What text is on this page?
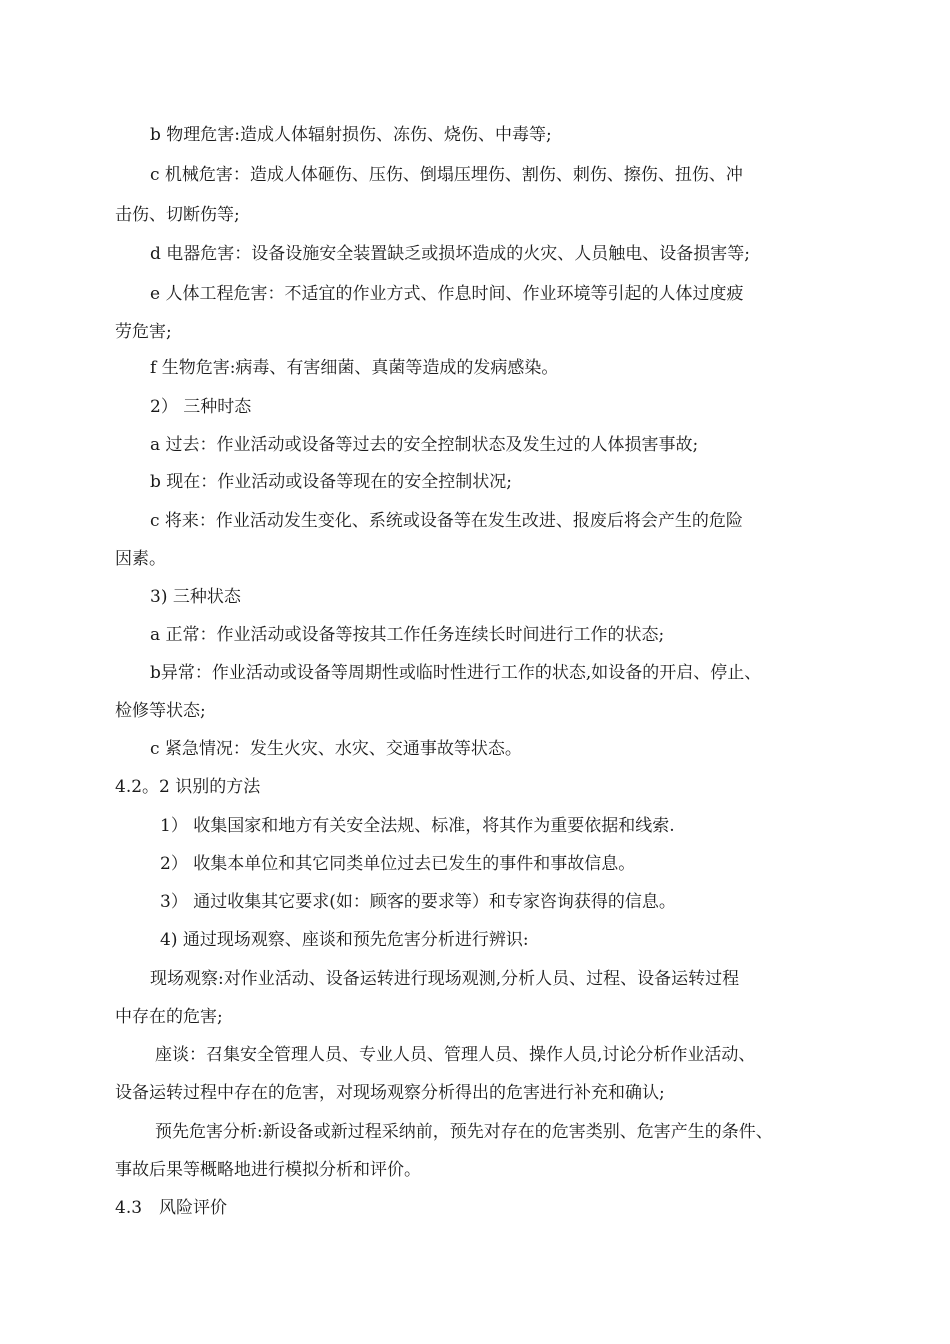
b 物理危害:造成人体辐射损伤、冻伤、烧伤、中毒等;
c 机械危害：造成人体砸伤、压伤、倒塌压埋伤、割伤、刺伤、擦伤、扭伤、冲
击伤、切断伤等;
d 电器危害：设备设施安全装置缺乏或损坏造成的火灾、人员触电、设备损害等;
e 人体工程危害：不适宜的作业方式、作息时间、作业环境等引起的人体过度疲
劳危害;
f 生物危害:病毒、有害细菌、真菌等造成的发病感染。
2） 三种时态
a 过去：作业活动或设备等过去的安全控制状态及发生过的人体损害事故;
b 现在：作业活动或设备等现在的安全控制状况;
c 将来：作业活动发生变化、系统或设备等在发生改进、报废后将会产生的危险
因素。
3) 三种状态
a 正常：作业活动或设备等按其工作任务连续长时间进行工作的状态;
b异常：作业活动或设备等周期性或临时性进行工作的状态,如设备的开启、停止、
检修等状态;
c 紧急情况：发生火灾、水灾、交通事故等状态。
4.2。2 识别的方法
1） 收集国家和地方有关安全法规、标准，将其作为重要依据和线索.
2） 收集本单位和其它同类单位过去已发生的事件和事故信息。
3） 通过收集其它要求(如：顾客的要求等）和专家咨询获得的信息。
4) 通过现场观察、座谈和预先危害分析进行辨识:
现场观察:对作业活动、设备运转进行现场观测,分析人员、过程、设备运转过程
中存在的危害;
座谈：召集安全管理人员、专业人员、管理人员、操作人员,讨论分析作业活动、
设备运转过程中存在的危害，对现场观察分析得出的危害进行补充和确认;
预先危害分析:新设备或新过程采纳前，预先对存在的危害类别、危害产生的条件、
事故后果等概略地进行模拟分析和评价。
4.3　风险评价
